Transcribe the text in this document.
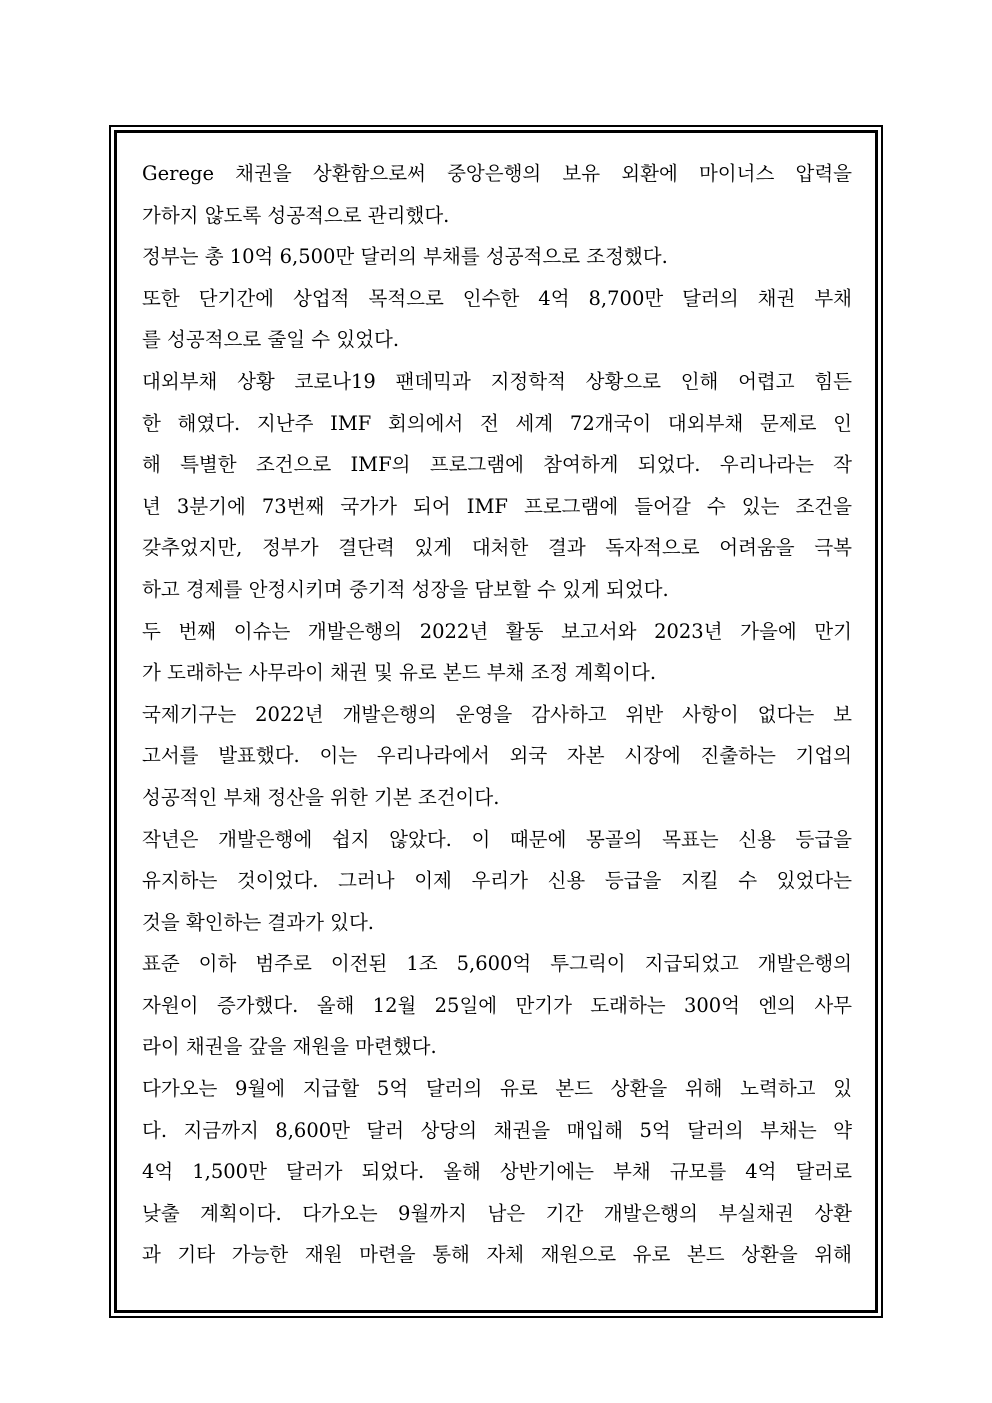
Gerege 채권을 상환함으로써 중앙은행의 보유 외환에 마이너스 압력을
가하지 않도록 성공적으로 관리했다.
정부는 총 10억 6,500만 달러의 부채를 성공적으로 조정했다.
또한 단기간에 상업적 목적으로 인수한 4억 8,700만 달러의 채권 부채
를 성공적으로 줄일 수 있었다.
대외부채 상황 코로나19 팬데믹과 지정학적 상황으로 인해 어렵고 힘든
한 해였다. 지난주 IMF 회의에서 전 세계 72개국이 대외부채 문제로 인
해 특별한 조건으로 IMF의 프로그램에 참여하게 되었다. 우리나라는 작
년 3분기에 73번째 국가가 되어 IMF 프로그램에 들어갈 수 있는 조건을
갖추었지만, 정부가 결단력 있게 대처한 결과 독자적으로 어려움을 극복
하고 경제를 안정시키며 중기적 성장을 담보할 수 있게 되었다.
두 번째 이슈는 개발은행의 2022년 활동 보고서와 2023년 가을에 만기
가 도래하는 사무라이 채권 및 유로 본드 부채 조정 계획이다.
국제기구는 2022년 개발은행의 운영을 감사하고 위반 사항이 없다는 보
고서를 발표했다. 이는 우리나라에서 외국 자본 시장에 진출하는 기업의
성공적인 부채 정산을 위한 기본 조건이다.
작년은 개발은행에 쉽지 않았다. 이 때문에 몽골의 목표는 신용 등급을
유지하는 것이었다. 그러나 이제 우리가 신용 등급을 지킬 수 있었다는
것을 확인하는 결과가 있다.
표준 이하 범주로 이전된 1조 5,600억 투그릭이 지급되었고 개발은행의
자원이 증가했다. 올해 12월 25일에 만기가 도래하는 300억 엔의 사무
라이 채권을 갚을 재원을 마련했다.
다가오는 9월에 지급할 5억 달러의 유로 본드 상환을 위해 노력하고 있
다. 지금까지 8,600만 달러 상당의 채권을 매입해 5억 달러의 부채는 약
4억 1,500만 달러가 되었다. 올해 상반기에는 부채 규모를 4억 달러로
낮출 계획이다. 다가오는 9월까지 남은 기간 개발은행의 부실채권 상환
과 기타 가능한 재원 마련을 통해 자체 재원으로 유로 본드 상환을 위해
